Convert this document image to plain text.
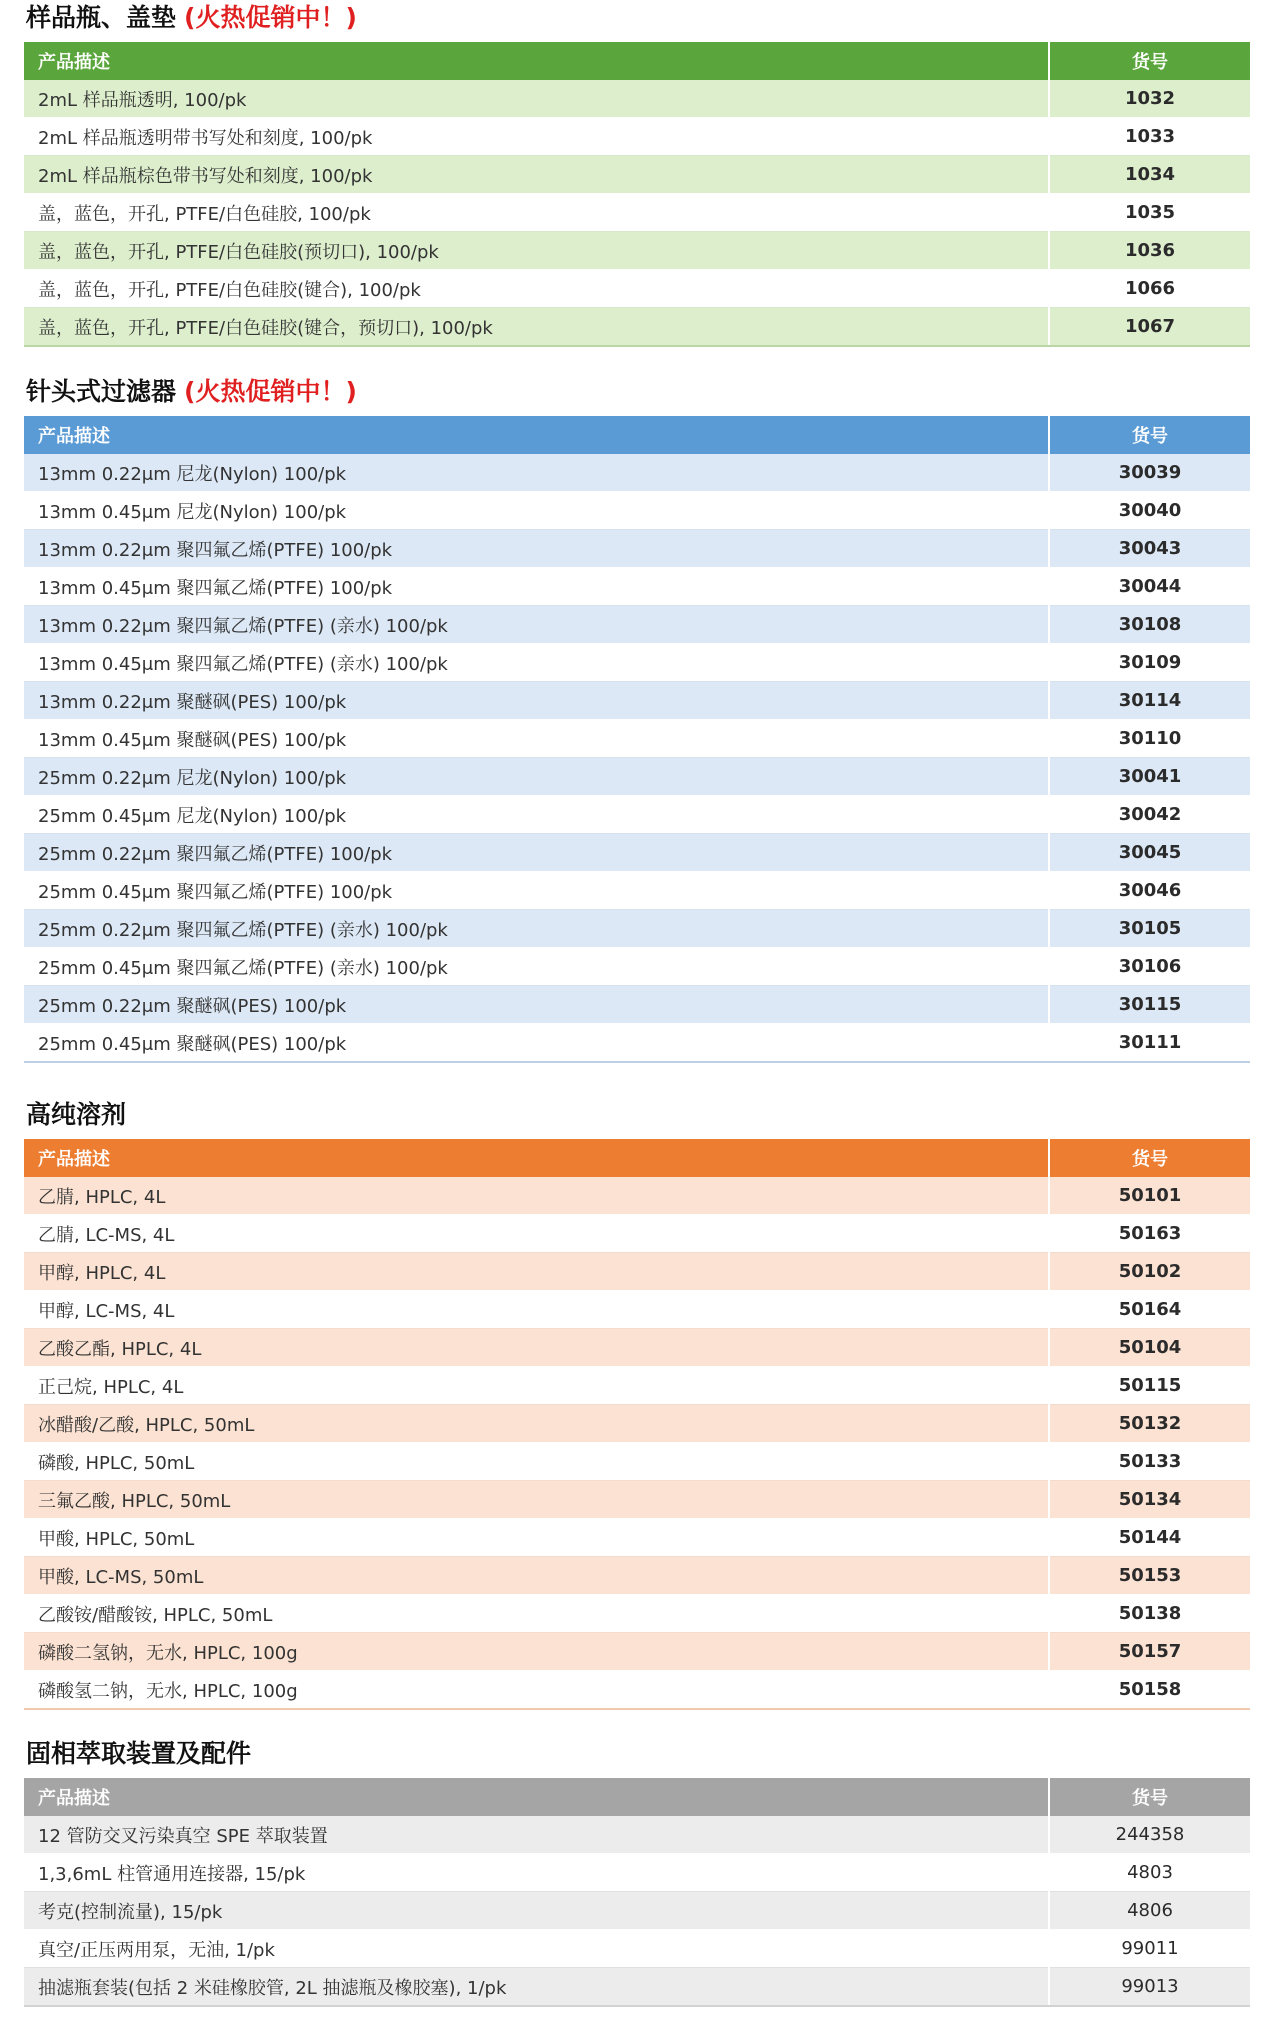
样品瓶、盖垫 (火热促销中！)
产品描述	货号
2mL 样品瓶透明, 100/pk	1032
2mL 样品瓶透明带书写处和刻度, 100/pk	1033
2mL 样品瓶棕色带书写处和刻度, 100/pk	1034
盖，蓝色，开孔, PTFE/白色硅胶, 100/pk	1035
盖，蓝色，开孔, PTFE/白色硅胶(预切口), 100/pk	1036
盖，蓝色，开孔, PTFE/白色硅胶(键合), 100/pk	1066
盖，蓝色，开孔, PTFE/白色硅胶(键合，预切口), 100/pk	1067
针头式过滤器 (火热促销中！)
产品描述	货号
13mm 0.22μm 尼龙(Nylon) 100/pk	30039
13mm 0.45μm 尼龙(Nylon) 100/pk	30040
13mm 0.22μm 聚四氟乙烯(PTFE) 100/pk	30043
13mm 0.45μm 聚四氟乙烯(PTFE) 100/pk	30044
13mm 0.22μm 聚四氟乙烯(PTFE) (亲水) 100/pk	30108
13mm 0.45μm 聚四氟乙烯(PTFE) (亲水) 100/pk	30109
13mm 0.22μm 聚醚砜(PES) 100/pk	30114
13mm 0.45μm 聚醚砜(PES) 100/pk	30110
25mm 0.22μm 尼龙(Nylon) 100/pk	30041
25mm 0.45μm 尼龙(Nylon) 100/pk	30042
25mm 0.22μm 聚四氟乙烯(PTFE) 100/pk	30045
25mm 0.45μm 聚四氟乙烯(PTFE) 100/pk	30046
25mm 0.22μm 聚四氟乙烯(PTFE) (亲水) 100/pk	30105
25mm 0.45μm 聚四氟乙烯(PTFE) (亲水) 100/pk	30106
25mm 0.22μm 聚醚砜(PES) 100/pk	30115
25mm 0.45μm 聚醚砜(PES) 100/pk	30111
高纯溶剂
产品描述	货号
乙腈, HPLC, 4L	50101
乙腈, LC-MS, 4L	50163
甲醇, HPLC, 4L	50102
甲醇, LC-MS, 4L	50164
乙酸乙酯, HPLC, 4L	50104
正己烷, HPLC, 4L	50115
冰醋酸/乙酸, HPLC, 50mL	50132
磷酸, HPLC, 50mL	50133
三氟乙酸, HPLC, 50mL	50134
甲酸, HPLC, 50mL	50144
甲酸, LC-MS, 50mL	50153
乙酸铵/醋酸铵, HPLC, 50mL	50138
磷酸二氢钠，无水, HPLC, 100g	50157
磷酸氢二钠，无水, HPLC, 100g	50158
固相萃取装置及配件
产品描述	货号
12 管防交叉污染真空 SPE 萃取装置	244358
1,3,6mL 柱管通用连接器, 15/pk	4803
考克(控制流量), 15/pk	4806
真空/正压两用泵，无油, 1/pk	99011
抽滤瓶套装(包括 2 米硅橡胶管, 2L 抽滤瓶及橡胶塞), 1/pk	99013
